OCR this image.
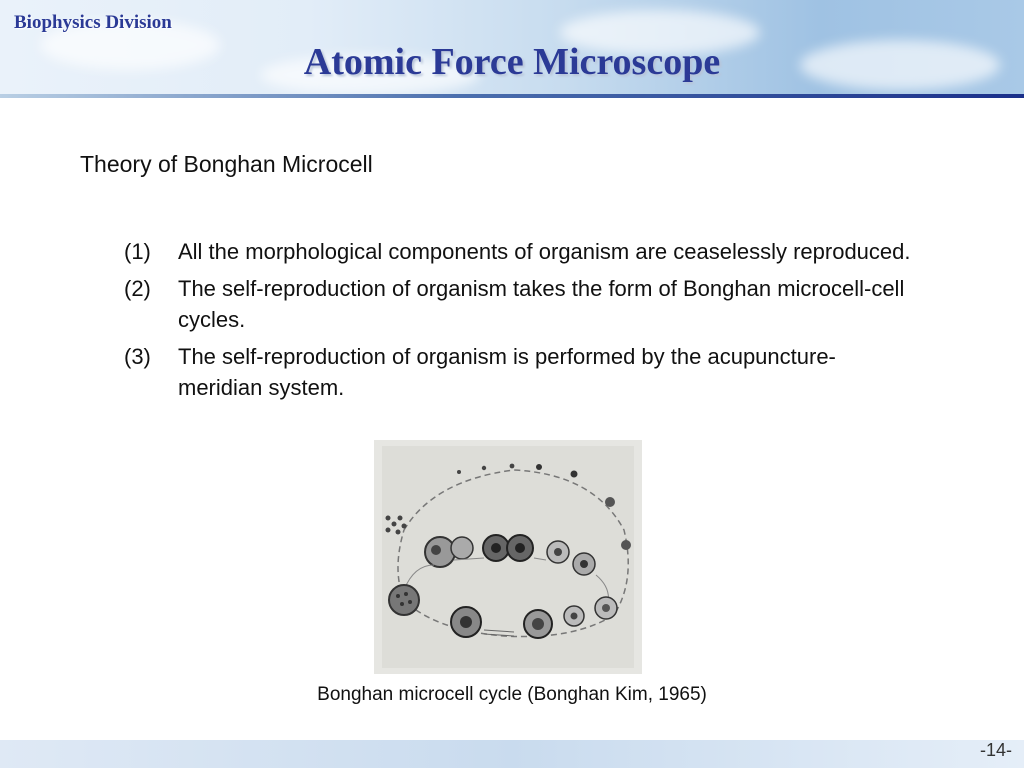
Biophysics Division
Atomic Force Microscope
Theory of Bonghan Microcell
(1)	All the morphological components of organism are ceaselessly reproduced.
(2)	The self-reproduction of organism takes the form of Bonghan microcell-cell cycles.
(3)	The self-reproduction of organism is performed by the acupuncture-meridian system.
Bonghan microcell cycle (Bonghan Kim, 1965)
-14-
